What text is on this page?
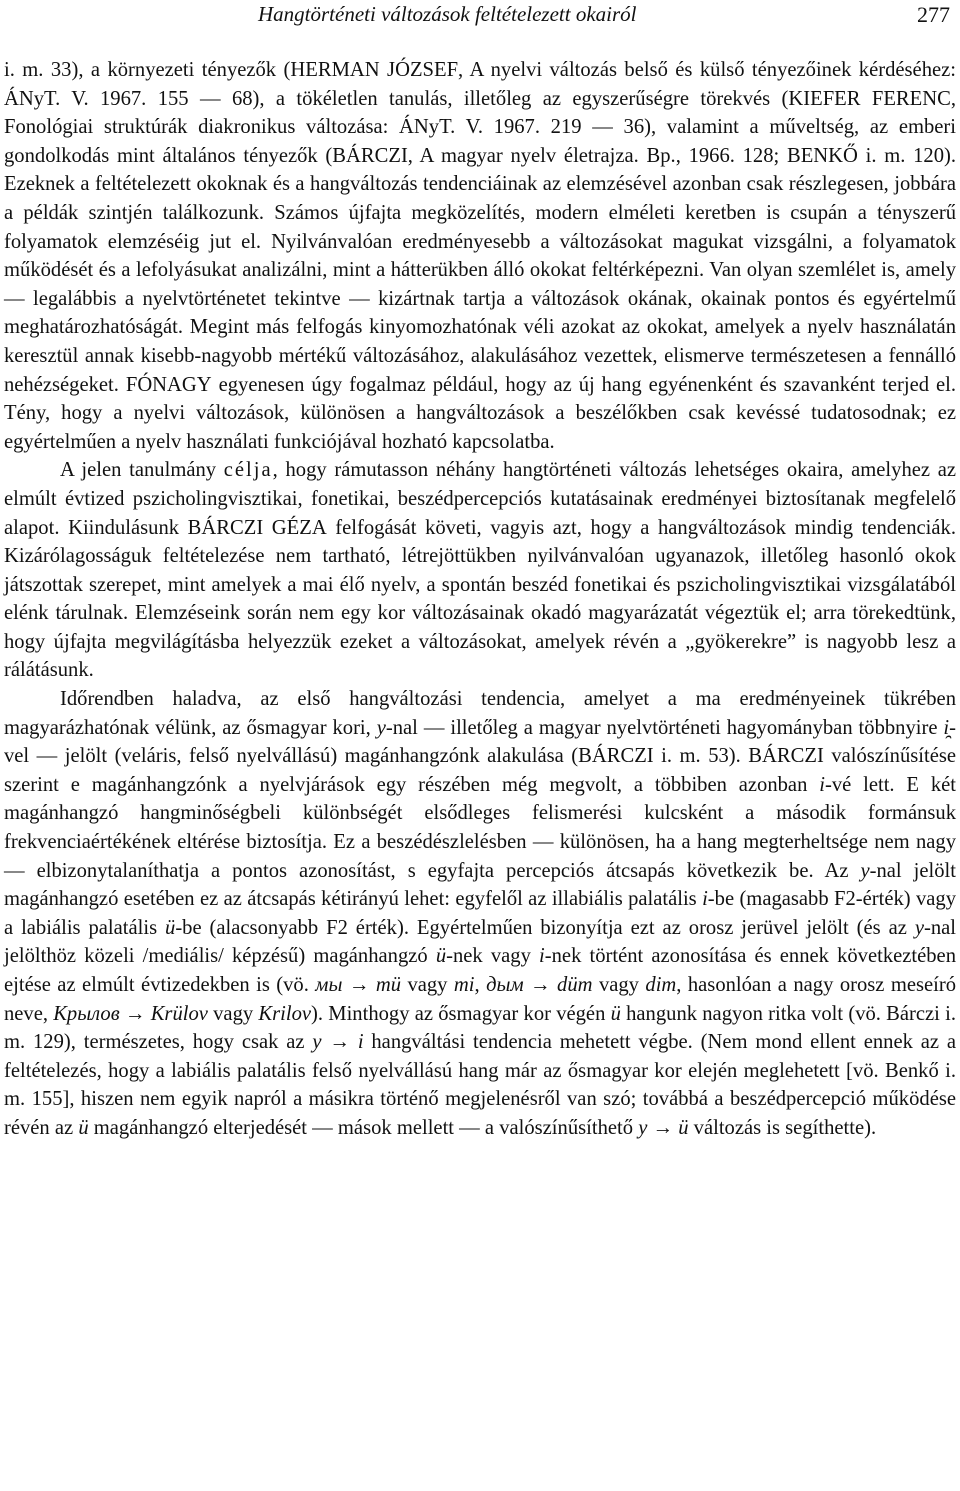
Hangtörténeti változások feltételezett okairól	277

i. m. 33), a környezeti tényezők (HERMAN JÓZSEF, A nyelvi változás belső és külső tényezőinek kérdéséhez: ÁNyT. V. 1967. 155 — 68), a tökéletlen tanulás, illetőleg az egyszerűségre törekvés (KIEFER FERENC, Fonológiai struktúrák diakronikus változása: ÁNyT. V. 1967. 219 — 36), valamint a műveltség, az emberi gondolkodás mint általános tényezők (BÁRCZI, A magyar nyelv életrajza. Bp., 1966. 128; BENKŐ i. m. 120). Ezeknek a feltételezett okoknak és a hangváltozás tendenciáinak az elemzésével azonban csak részlegesen, jobbára a példák szintjén találkozunk. Számos újfajta megközelítés, modern elméleti keretben is csupán a tényszerű folyamatok elemzéséig jut el. Nyilvánvalóan eredményesebb a változásokat magukat vizsgálni, a folyamatok működését és a lefolyásukat analizálni, mint a hátterükben álló okokat feltérképezni. Van olyan szemlélet is, amely — legalábbis a nyelvtörténetet tekintve — kizártnak tartja a változások okának, okainak pontos és egyértelmű meghatározhatóságát. Megint más felfogás kinyomozhatónak véli azokat az okokat, amelyek a nyelv használatán keresztül annak kisebb-nagyobb mértékű változásához, alakulásához vezettek, elismerve természetesen a fennálló nehézségeket. FÓNAGY egyenesen úgy fogalmaz például, hogy az új hang egyénenként és szavanként terjed el. Tény, hogy a nyelvi változások, különösen a hangváltozások a beszélőkben csak kevéssé tudatosodnak; ez egyértelműen a nyelv használati funkciójával hozható kapcsolatba.

A jelen tanulmány célja, hogy rámutasson néhány hangtörténeti változás lehetséges okaira, amelyhez az elmúlt évtized pszicholingvisztikai, fonetikai, beszédpercepciós kutatásainak eredményei biztosítanak megfelelő alapot. Kiindulásunk BÁRCZI GÉZA felfogását követi, vagyis azt, hogy a hangváltozások mindig tendenciák. Kizárólagosságuk feltételezése nem tartható, létrejöttükben nyilvánvalóan ugyanazok, illetőleg hasonló okok játszottak szerepet, mint amelyek a mai élő nyelv, a spontán beszéd fonetikai és pszicholingvisztikai vizsgálatából elénk tárulnak. Elemzéseink során nem egy kor változásainak okadó magyarázatát végeztük el; arra törekedtünk, hogy újfajta megvilágításba helyezzük ezeket a változásokat, amelyek révén a „gyökerekre” is nagyobb lesz a rálátásunk.

Időrendben haladva, az első hangváltozási tendencia, amelyet a ma eredményeinek tükrében magyarázhatónak vélünk, az ősmagyar kori, y-nal — illetőleg a magyar nyelvtörténeti hagyományban többnyire i̯-vel — jelölt (veláris, felső nyelvállású) magánhangzónk alakulása (BÁRCZI i. m. 53). BÁRCZI valószínűsítése szerint e magánhangzónk a nyelvjárások egy részében még megvolt, a többiben azonban i-vé lett. E két magánhangzó hangminőségbeli különbségét elsődleges felismerési kulcsként a második formánsuk frekvenciaértékének eltérése biztosítja. Ez a beszédészlelésben — különösen, ha a hang megterheltsége nem nagy — elbizonytalaníthatja a pontos azonosítást, s egyfajta percepciós átcsapás következik be. Az y-nal jelölt magánhangzó esetében ez az átcsapás kétirányú lehet: egyfelől az illabiális palatális i-be (magasabb F2-érték) vagy a labiális palatális ü-be (alacsonyabb F2 érték). Egyértelműen bizonyítja ezt az orosz jerüvel jelölt (és az y-nal jelölthöz közeli /mediális/ képzésű) magánhangzó ü-nek vagy i-nek történt azonosítása és ennek következtében ejtése az elmúlt évtizedekben is (vö. мы → mü vagy mi, дым → düm vagy dim, hasonlóan a nagy orosz meseíró neve, Крылов → Krülov vagy Krilov). Minthogy az ősmagyar kor végén ü hangunk nagyon ritka volt (vö. Bárczi i. m. 129), természetes, hogy csak az y → i hangváltási tendencia mehetett végbe. (Nem mond ellent ennek az a feltételezés, hogy a labiális palatális felső nyelvállású hang már az ősmagyar kor elején meglehetett [vö. Benkő i. m. 155], hiszen nem egyik napról a másikra történő megjelenésről van szó; továbbá a beszédpercepció működése révén az ü magánhangzó elterjedését — mások mellett — a valószínűsíthető y → ü változás is segíthette).
